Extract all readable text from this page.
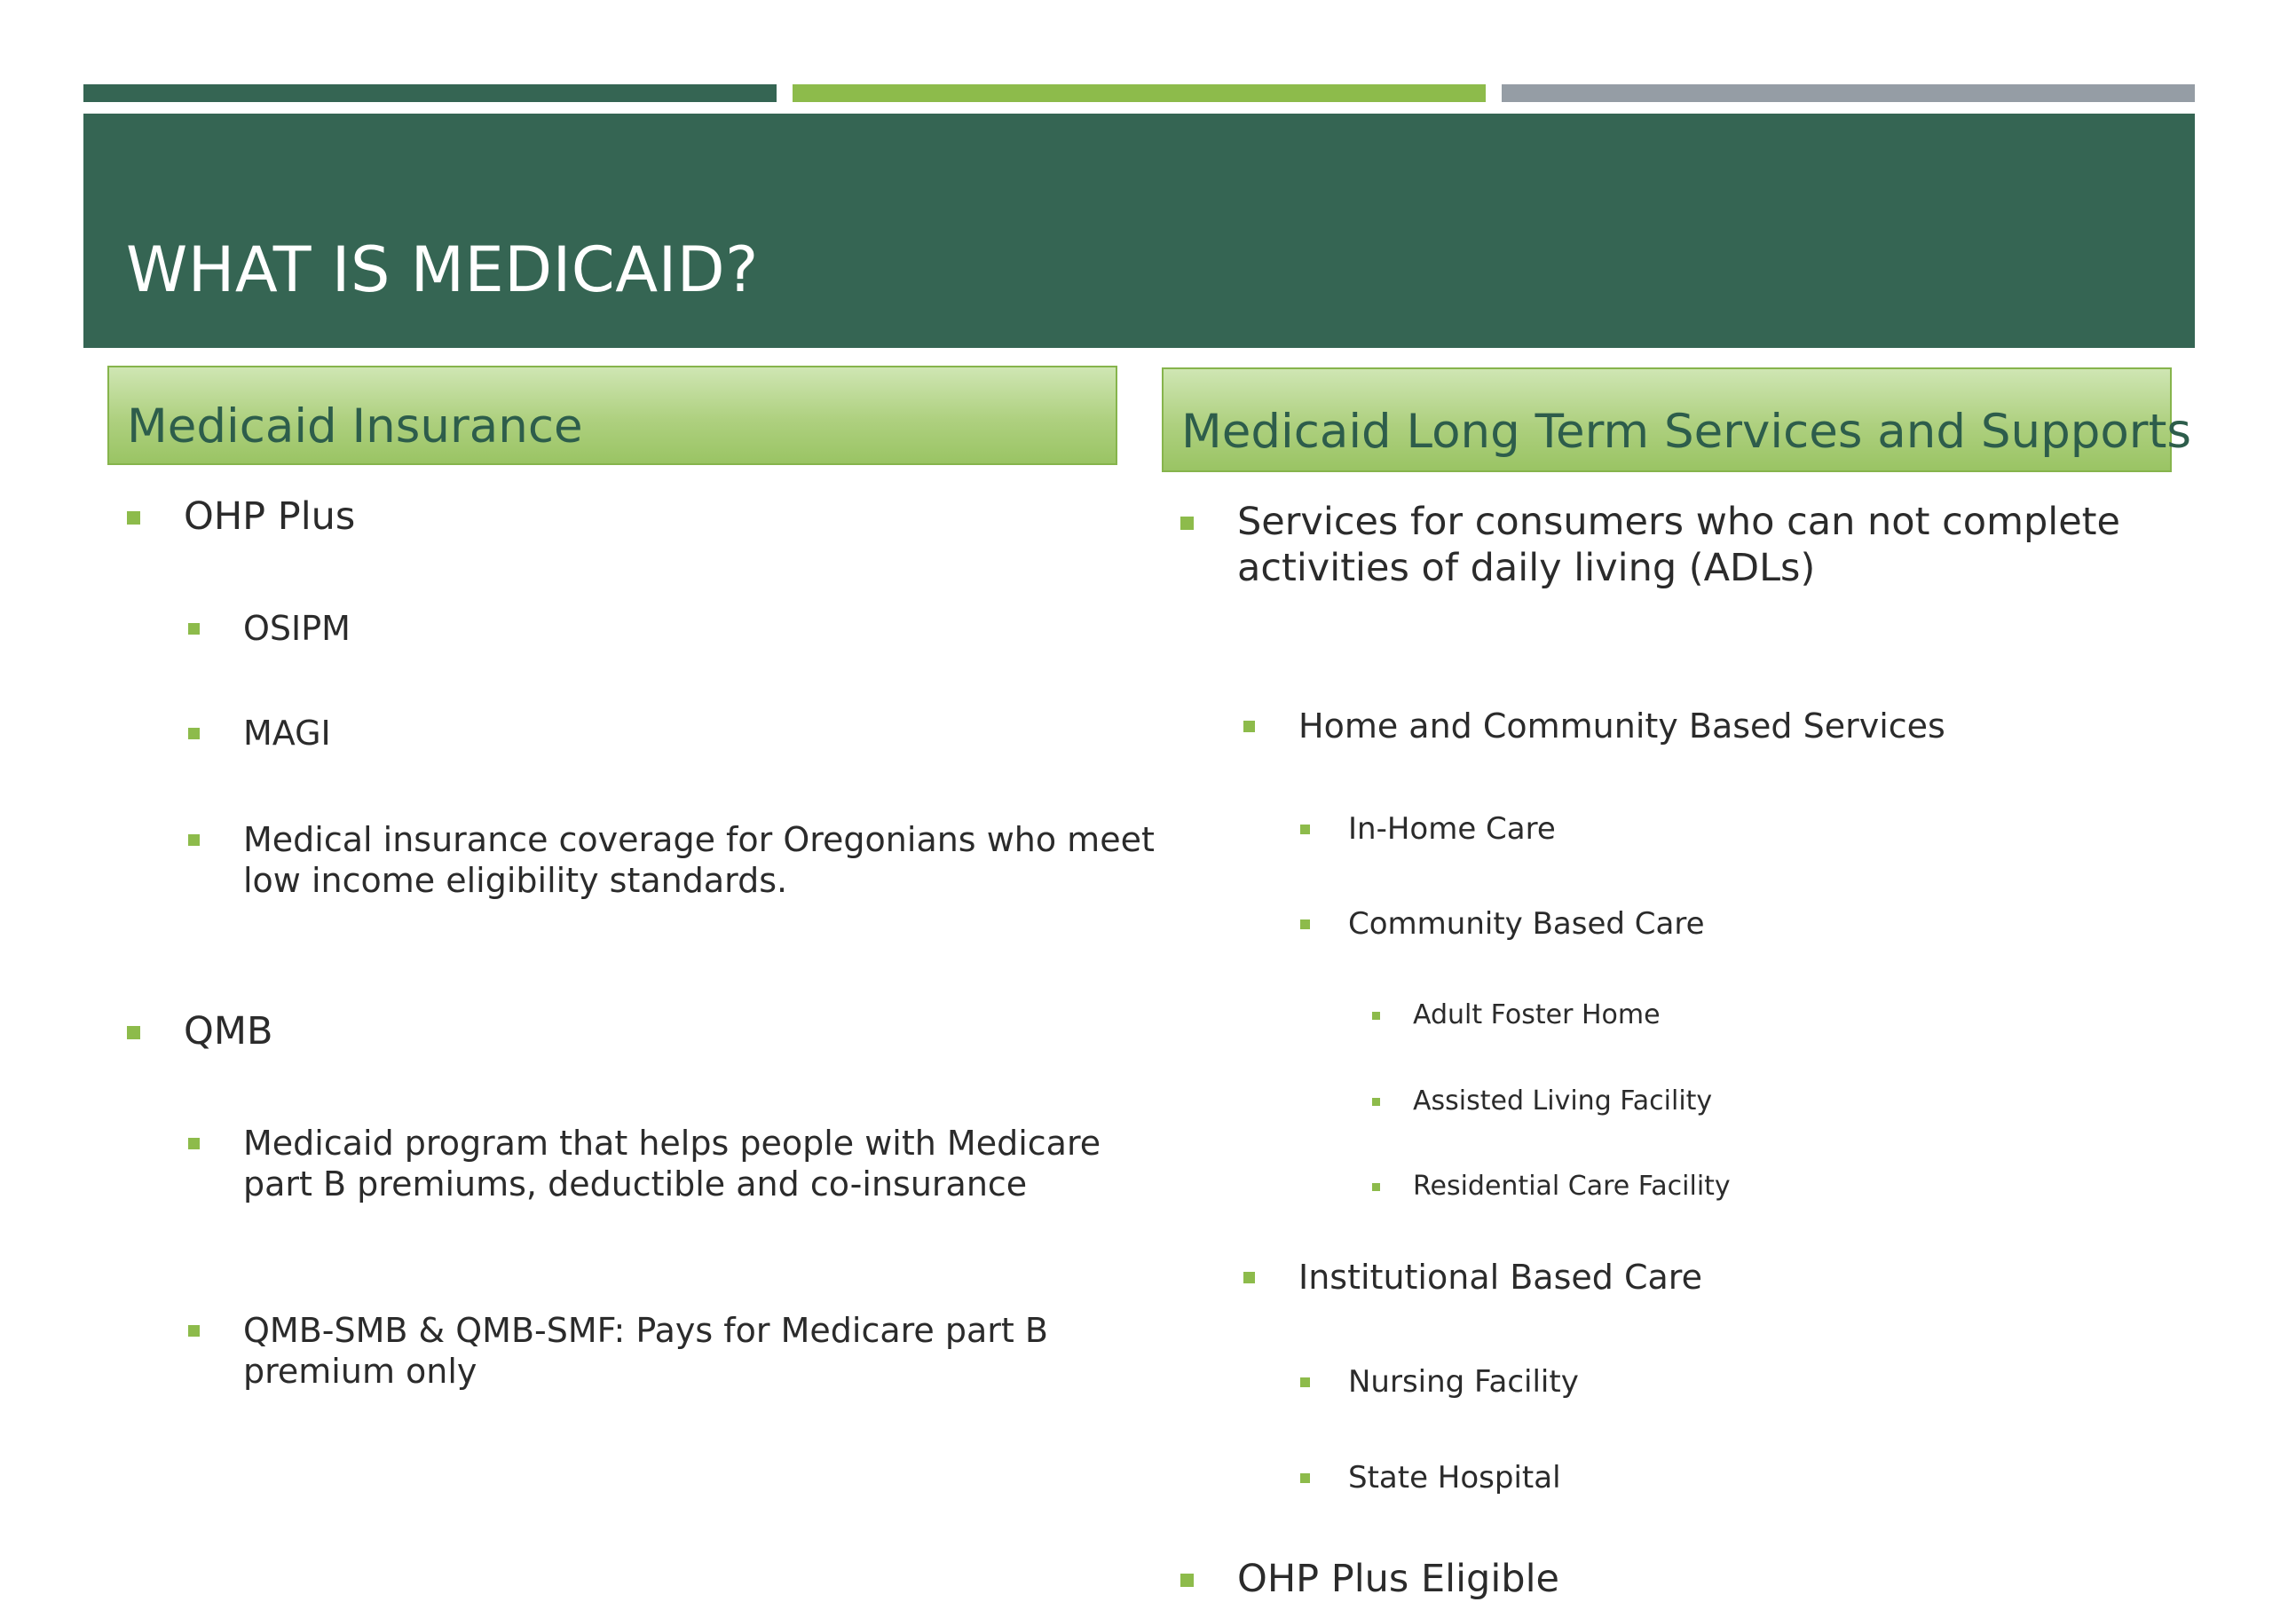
WHAT IS MEDICAID?
Medicaid Insurance	Medicaid Long Term Services and Supports
OHP Plus
OSIPM
MAGI
Medical insurance coverage for Oregonians who meet
low income eligibility standards.
QMB
Medicaid program that helps people with Medicare
part B premiums, deductible and co-insurance
QMB-SMB & QMB-SMF: Pays for Medicare part B
premium only
Services for consumers who can not complete
activities of daily living (ADLs)
Home and Community Based Services
In-Home Care
Community Based Care
Adult Foster Home
Assisted Living Facility
Residential Care Facility
Institutional Based Care
Nursing Facility
State Hospital
OHP Plus Eligible
